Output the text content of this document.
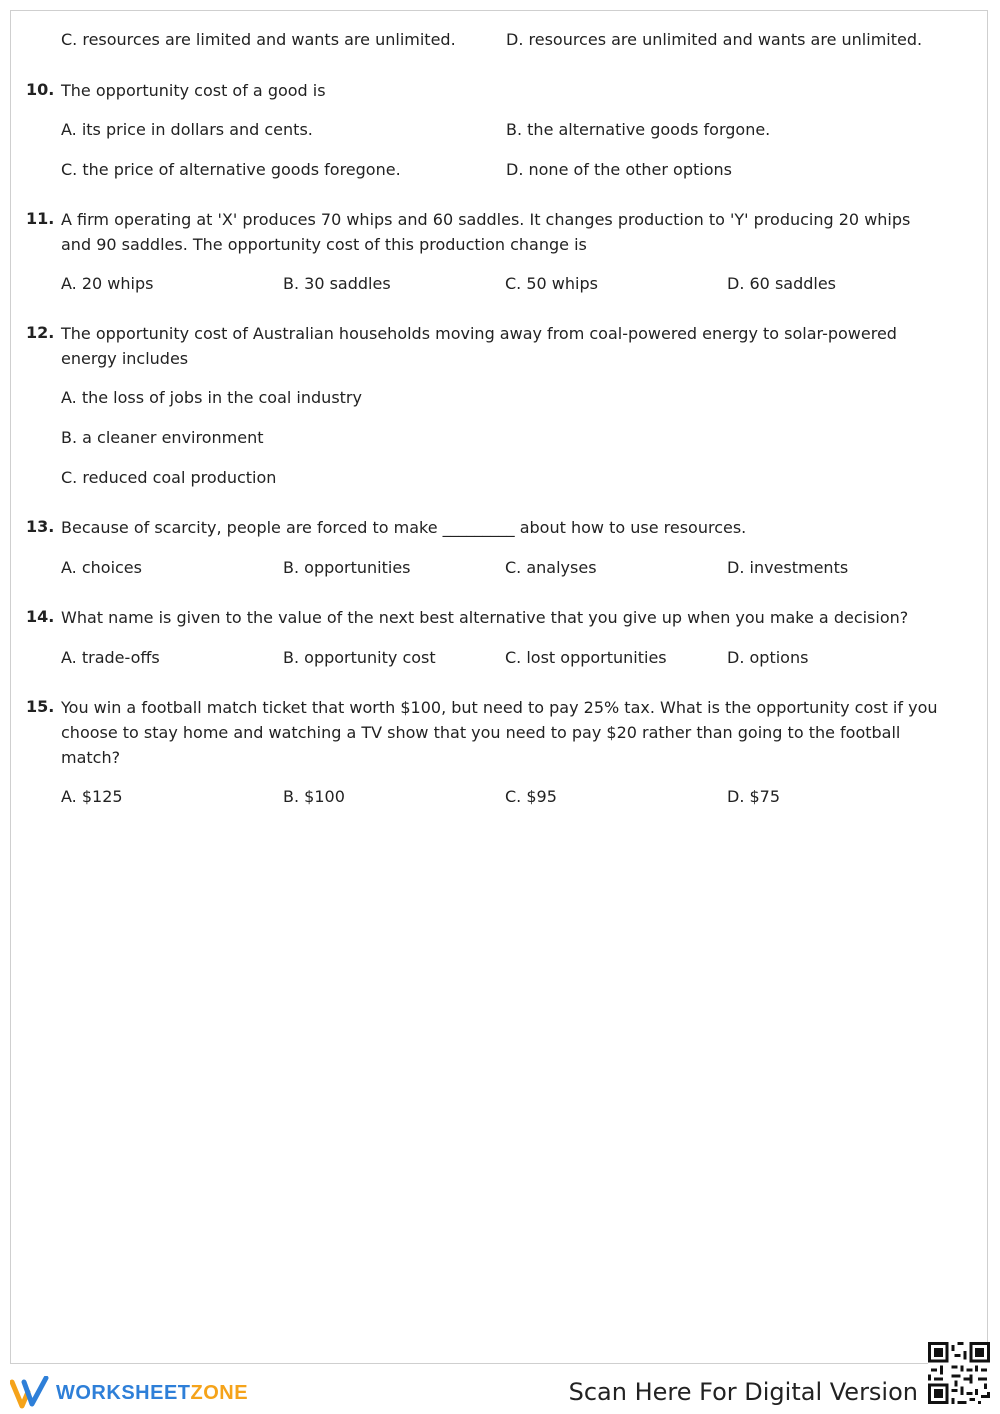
C. resources are limited and wants are unlimited.	D. resources are unlimited and wants are unlimited.
10. The opportunity cost of a good is
A. its price in dollars and cents.	B. the alternative goods forgone.
C. the price of alternative goods foregone.	D. none of the other options
11. A firm operating at 'X' produces 70 whips and 60 saddles. It changes production to 'Y' producing 20 whips and 90 saddles. The opportunity cost of this production change is
A. 20 whips	B. 30 saddles	C. 50 whips	D. 60 saddles
12. The opportunity cost of Australian households moving away from coal-powered energy to solar-powered energy includes
A. the loss of jobs in the coal industry
B. a cleaner environment
C. reduced coal production
13. Because of scarcity, people are forced to make _________ about how to use resources.
A. choices	B. opportunities	C. analyses	D. investments
14. What name is given to the value of the next best alternative that you give up when you make a decision?
A. trade-offs	B. opportunity cost	C. lost opportunities	D. options
15. You win a football match ticket that worth $100, but need to pay 25% tax. What is the opportunity cost if you choose to stay home and watching a TV show that you need to pay $20 rather than going to the football match?
A. $125	B. $100	C. $95	D. $75
WORKSHEET ZONE	Scan Here For Digital Version
